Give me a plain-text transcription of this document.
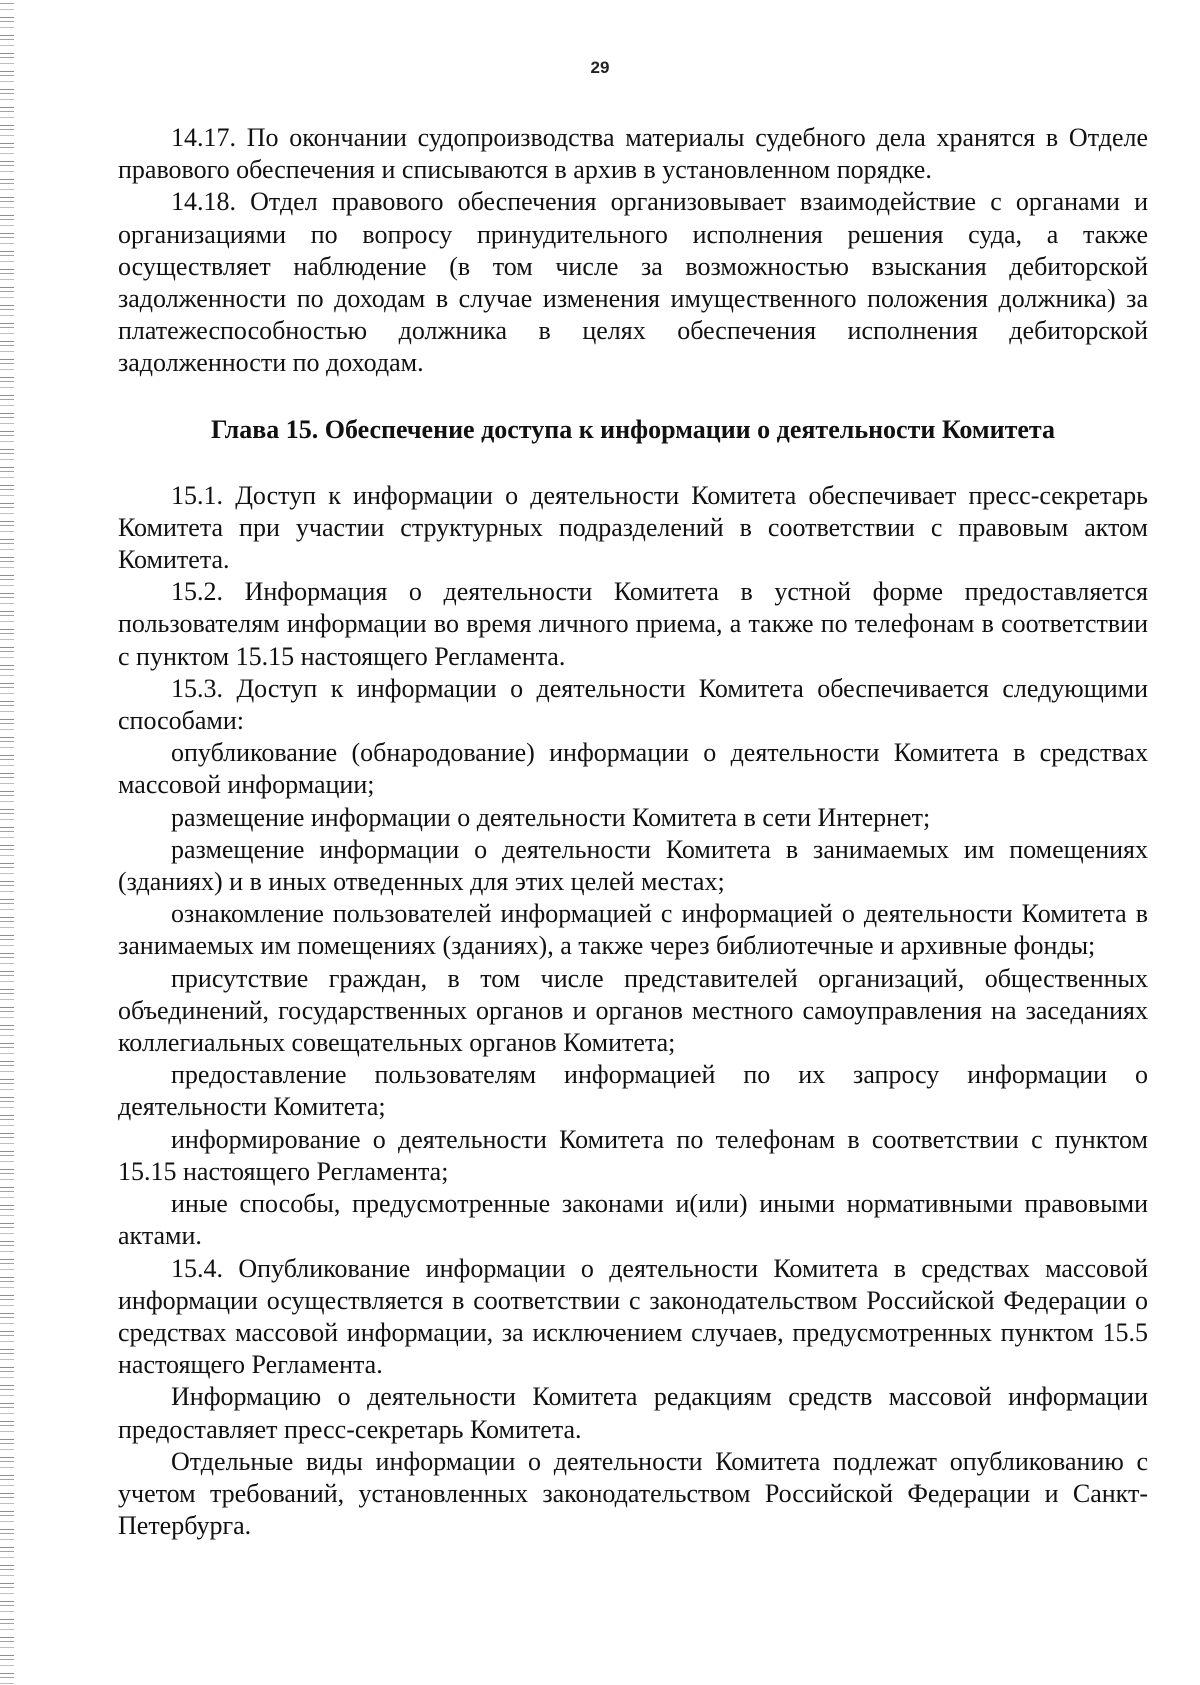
29

14.17. По окончании судопроизводства материалы судебного дела хранятся в Отделе правового обеспечения и списываются в архив в установленном порядке.

14.18. Отдел правового обеспечения организовывает взаимодействие с органами и организациями по вопросу принудительного исполнения решения суда, а также осуществляет наблюдение (в том числе за возможностью взыскания дебиторской задолженности по доходам в случае изменения имущественного положения должника) за платежеспособностью должника в целях обеспечения исполнения дебиторской задолженности по доходам.

Глава 15. Обеспечение доступа к информации о деятельности Комитета

15.1. Доступ к информации о деятельности Комитета обеспечивает пресс-секретарь Комитета при участии структурных подразделений в соответствии с правовым актом Комитета.

15.2. Информация о деятельности Комитета в устной форме предоставляется пользователям информации во время личного приема, а также по телефонам в соответствии с пунктом 15.15 настоящего Регламента.

15.3. Доступ к информации о деятельности Комитета обеспечивается следующими способами:

опубликование (обнародование) информации о деятельности Комитета в средствах массовой информации;

размещение информации о деятельности Комитета в сети Интернет;

размещение информации о деятельности Комитета в занимаемых им помещениях (зданиях) и в иных отведенных для этих целей местах;

ознакомление пользователей информацией с информацией о деятельности Комитета в занимаемых им помещениях (зданиях), а также через библиотечные и архивные фонды;

присутствие граждан, в том числе представителей организаций, общественных объединений, государственных органов и органов местного самоуправления на заседаниях коллегиальных совещательных органов Комитета;

предоставление пользователям информацией по их запросу информации о деятельности Комитета;

информирование о деятельности Комитета по телефонам в соответствии с пунктом 15.15 настоящего Регламента;

иные способы, предусмотренные законами и(или) иными нормативными правовыми актами.

15.4. Опубликование информации о деятельности Комитета в средствах массовой информации осуществляется в соответствии с законодательством Российской Федерации о средствах массовой информации, за исключением случаев, предусмотренных пунктом 15.5 настоящего Регламента.

Информацию о деятельности Комитета редакциям средств массовой информации предоставляет пресс-секретарь Комитета.

Отдельные виды информации о деятельности Комитета подлежат опубликованию с учетом требований, установленных законодательством Российской Федерации и Санкт-Петербурга.
